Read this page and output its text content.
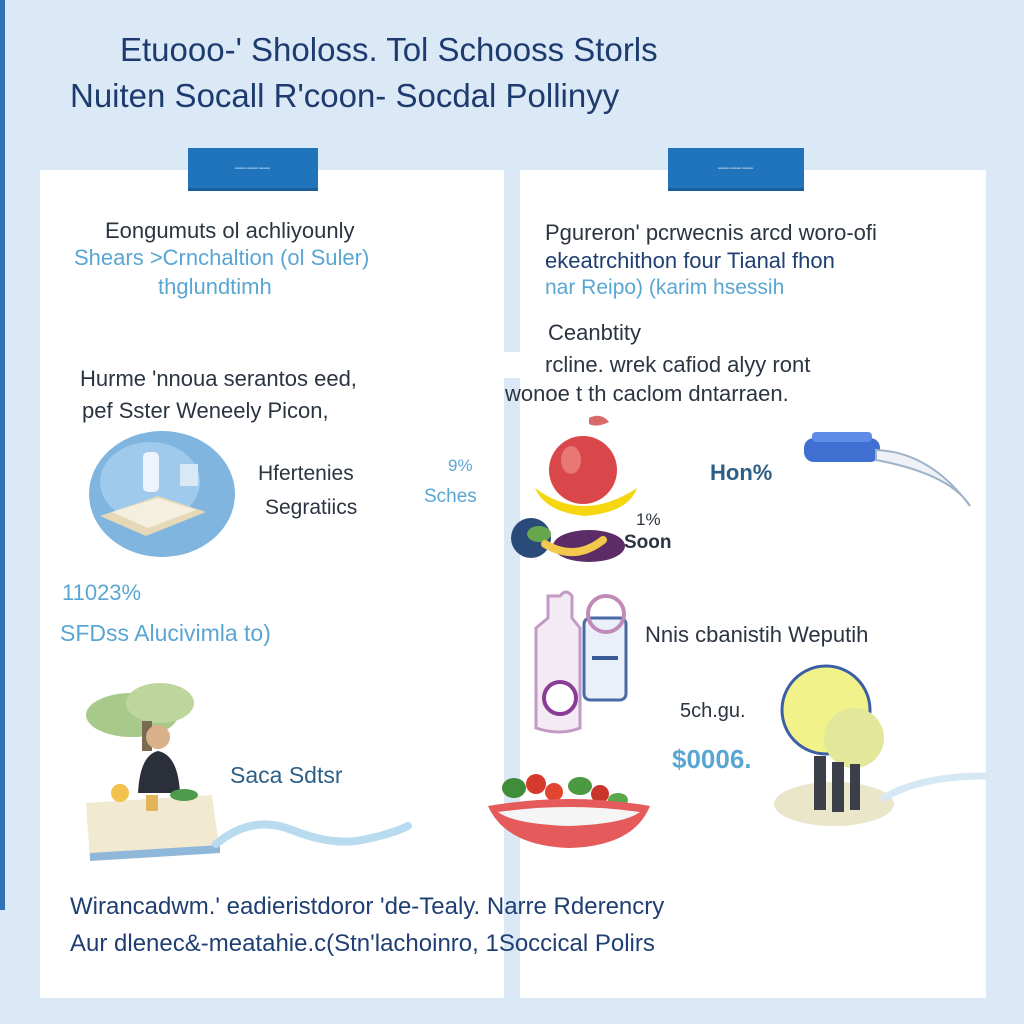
Etuooo-' Sholoss. Tol Schooss Storls
Nuiten Socall R'coon- Socdal Pollinyy
———	———
Eongumuts ol achliyounly
Shears >Crnchaltion (ol Suler)
thglundtimh
Hurme 'nnoua serantos eed,
pef Sster Weneely Picon,
Hfertenies
Segratiics
9%
Sches
11023%
SFDss Alucivimla to)
Saca Sdtsr
Pgureron' pcrwecnis arcd woro-ofi
ekeatrchithon four Tianal fhon
nar Reipo) (karim hsessih
Ceanbtity
rcline. wrek cafiod alyy ront
wonoe t th caclom dntarraen.
1%
Soon
Hon%
Nnis cbanistih Weputih
5ch.gu.
$0006.
Wirancadwm.' eadieristdoror 'de-Tealy. Narre Rderencry
Aur dlenec&-meatahie.c(Stn'lachoinro, 1Soccical Polirs
